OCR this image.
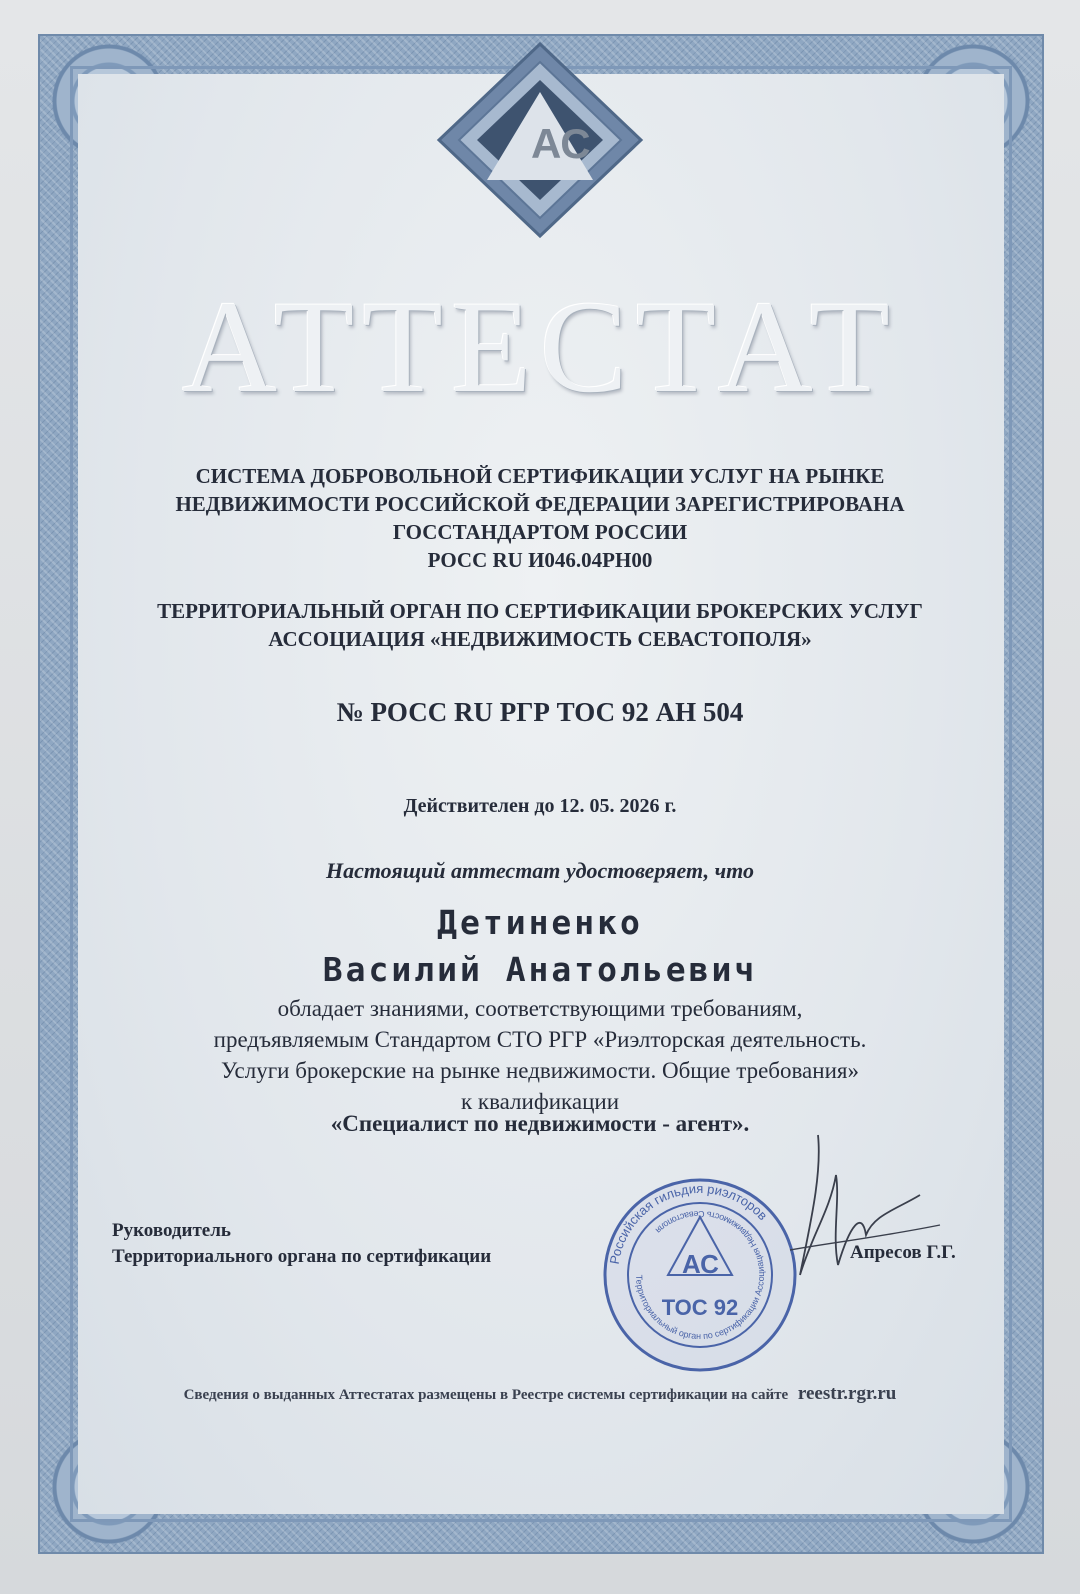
АС
АТТЕСТАТ
СИСТЕМА ДОБРОВОЛЬНОЙ СЕРТИФИКАЦИИ УСЛУГ НА РЫНКЕ
НЕДВИЖИМОСТИ РОССИЙСКОЙ ФЕДЕРАЦИИ ЗАРЕГИСТРИРОВАНА
ГОССТАНДАРТОМ РОССИИ
РОСС RU И046.04РН00
ТЕРРИТОРИАЛЬНЫЙ ОРГАН ПО СЕРТИФИКАЦИИ БРОКЕРСКИХ УСЛУГ
АССОЦИАЦИЯ «НЕДВИЖИМОСТЬ СЕВАСТОПОЛЯ»
№ РОСС RU РГР ТОС 92 АН 504
Действителен до 12. 05. 2026 г.
Настоящий аттестат удостоверяет, что
Детиненко
Василий Анатольевич
обладает знаниями, соответствующими требованиям,
предъявляемым Стандартом СТО РГР «Риэлторская деятельность.
Услуги брокерские на рынке недвижимости. Общие требования»
к квалификации
«Специалист по недвижимости - агент».
Руководитель
Территориального органа по сертификации	Российская гильдия риэлторов
Территориальный орган по сертификации Ассоциация Недвижимость Севастополя
АС
ТОС 92
Апресов Г.Г.
Сведения о выданных Аттестатах размещены в Реестре системы сертификации на сайте reestr.rgr.ru
